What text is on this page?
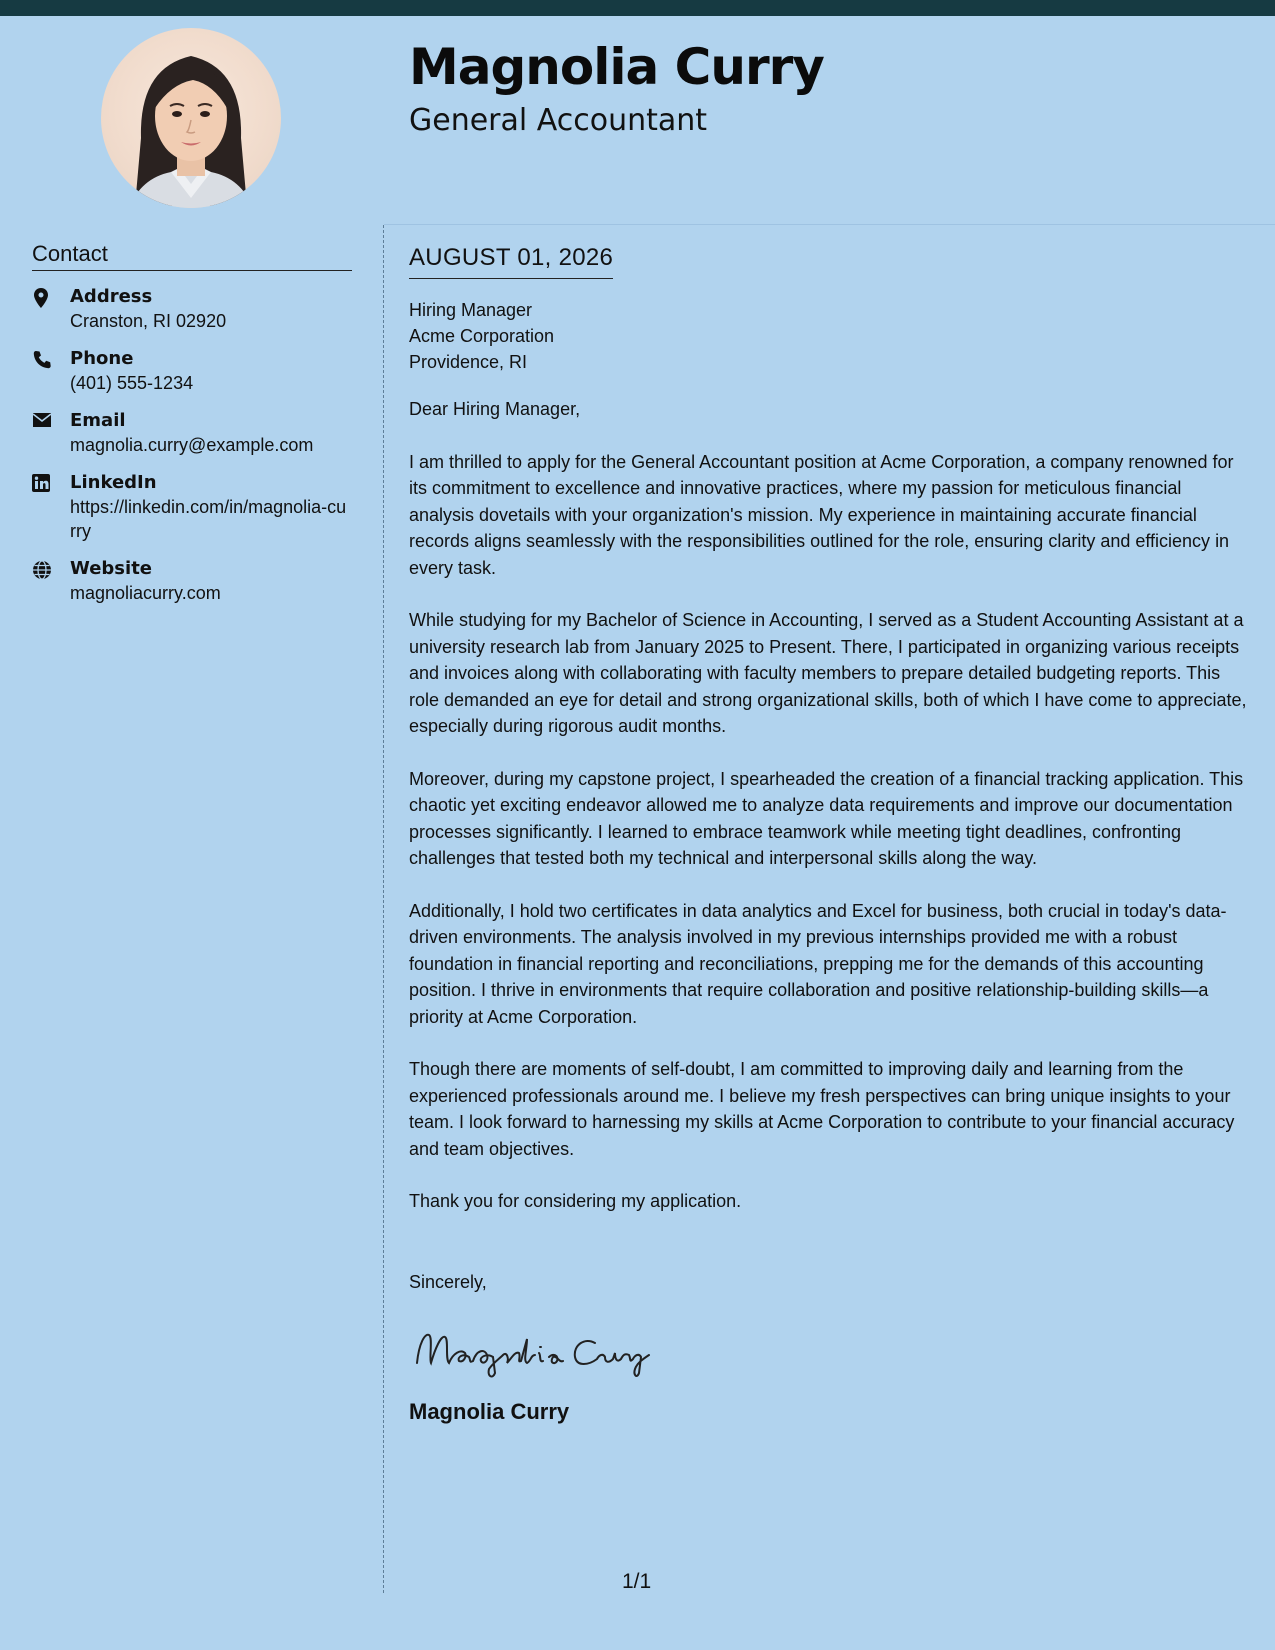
Magnolia Curry
General Accountant
Contact
Address
Cranston, RI 02920
Phone
(401) 555-1234
Email
magnolia.curry@example.com
LinkedIn
https://linkedin.com/in/magnolia-curry
Website
magnoliacurry.com
AUGUST 01, 2026
Hiring Manager
Acme Corporation
Providence, RI
Dear Hiring Manager,

I am thrilled to apply for the General Accountant position at Acme Corporation, a company renowned for its commitment to excellence and innovative practices, where my passion for meticulous financial analysis dovetails with your organization's mission. My experience in maintaining accurate financial records aligns seamlessly with the responsibilities outlined for the role, ensuring clarity and efficiency in every task.

While studying for my Bachelor of Science in Accounting, I served as a Student Accounting Assistant at a university research lab from January 2025 to Present. There, I participated in organizing various receipts and invoices along with collaborating with faculty members to prepare detailed budgeting reports. This role demanded an eye for detail and strong organizational skills, both of which I have come to appreciate, especially during rigorous audit months.

Moreover, during my capstone project, I spearheaded the creation of a financial tracking application. This chaotic yet exciting endeavor allowed me to analyze data requirements and improve our documentation processes significantly. I learned to embrace teamwork while meeting tight deadlines, confronting challenges that tested both my technical and interpersonal skills along the way.

Additionally, I hold two certificates in data analytics and Excel for business, both crucial in today's data-driven environments. The analysis involved in my previous internships provided me with a robust foundation in financial reporting and reconciliations, prepping me for the demands of this accounting position. I thrive in environments that require collaboration and positive relationship-building skills—a priority at Acme Corporation.

Though there are moments of self-doubt, I am committed to improving daily and learning from the experienced professionals around me. I believe my fresh perspectives can bring unique insights to your team. I look forward to harnessing my skills at Acme Corporation to contribute to your financial accuracy and team objectives.

Thank you for considering my application.

Sincerely,
Magnolia Curry
1/1
